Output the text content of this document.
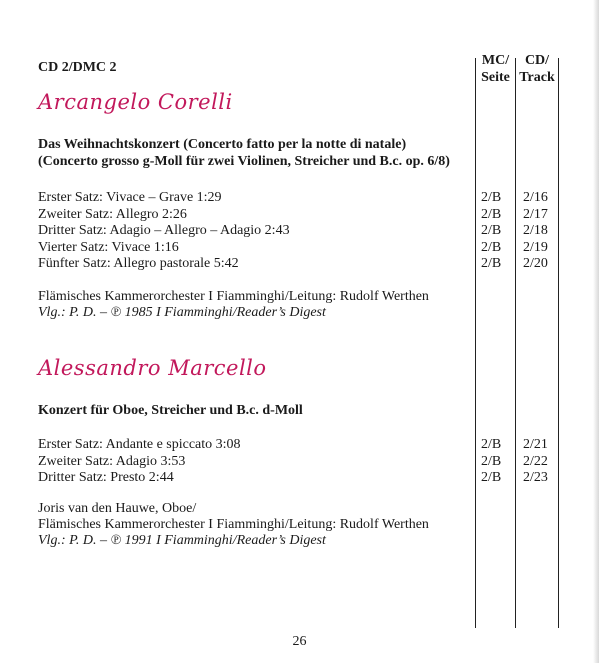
CD 2/DMC 2	MC/
Seite
CD/
Track
Arcangelo Corelli
Das Weihnachtskonzert (Concerto fatto per la notte di natale)
(Concerto grosso g-Moll für zwei Violinen, Streicher und B.c. op. 6/8)
Erster Satz: Vivace – Grave 1:29
Zweiter Satz: Allegro 2:26
Dritter Satz: Adagio – Allegro – Adagio 2:43
Vierter Satz: Vivace 1:16
Fünfter Satz: Allegro pastorale 5:42
2/B
2/B
2/B
2/B
2/B
2/16
2/17
2/18
2/19
2/20
Flämisches Kammerorchester I Fiamminghi/Leitung: Rudolf Werthen
Vlg.: P. D. – ℗ 1985 I Fiamminghi/Reader’s Digest
Alessandro Marcello
Konzert für Oboe, Streicher und B.c. d-Moll
Erster Satz: Andante e spiccato 3:08
Zweiter Satz: Adagio 3:53
Dritter Satz: Presto 2:44
2/B
2/B
2/B
2/21
2/22
2/23
Joris van den Hauwe, Oboe/
Flämisches Kammerorchester I Fiamminghi/Leitung: Rudolf Werthen
Vlg.: P. D. – ℗ 1991 I Fiamminghi/Reader’s Digest
26
